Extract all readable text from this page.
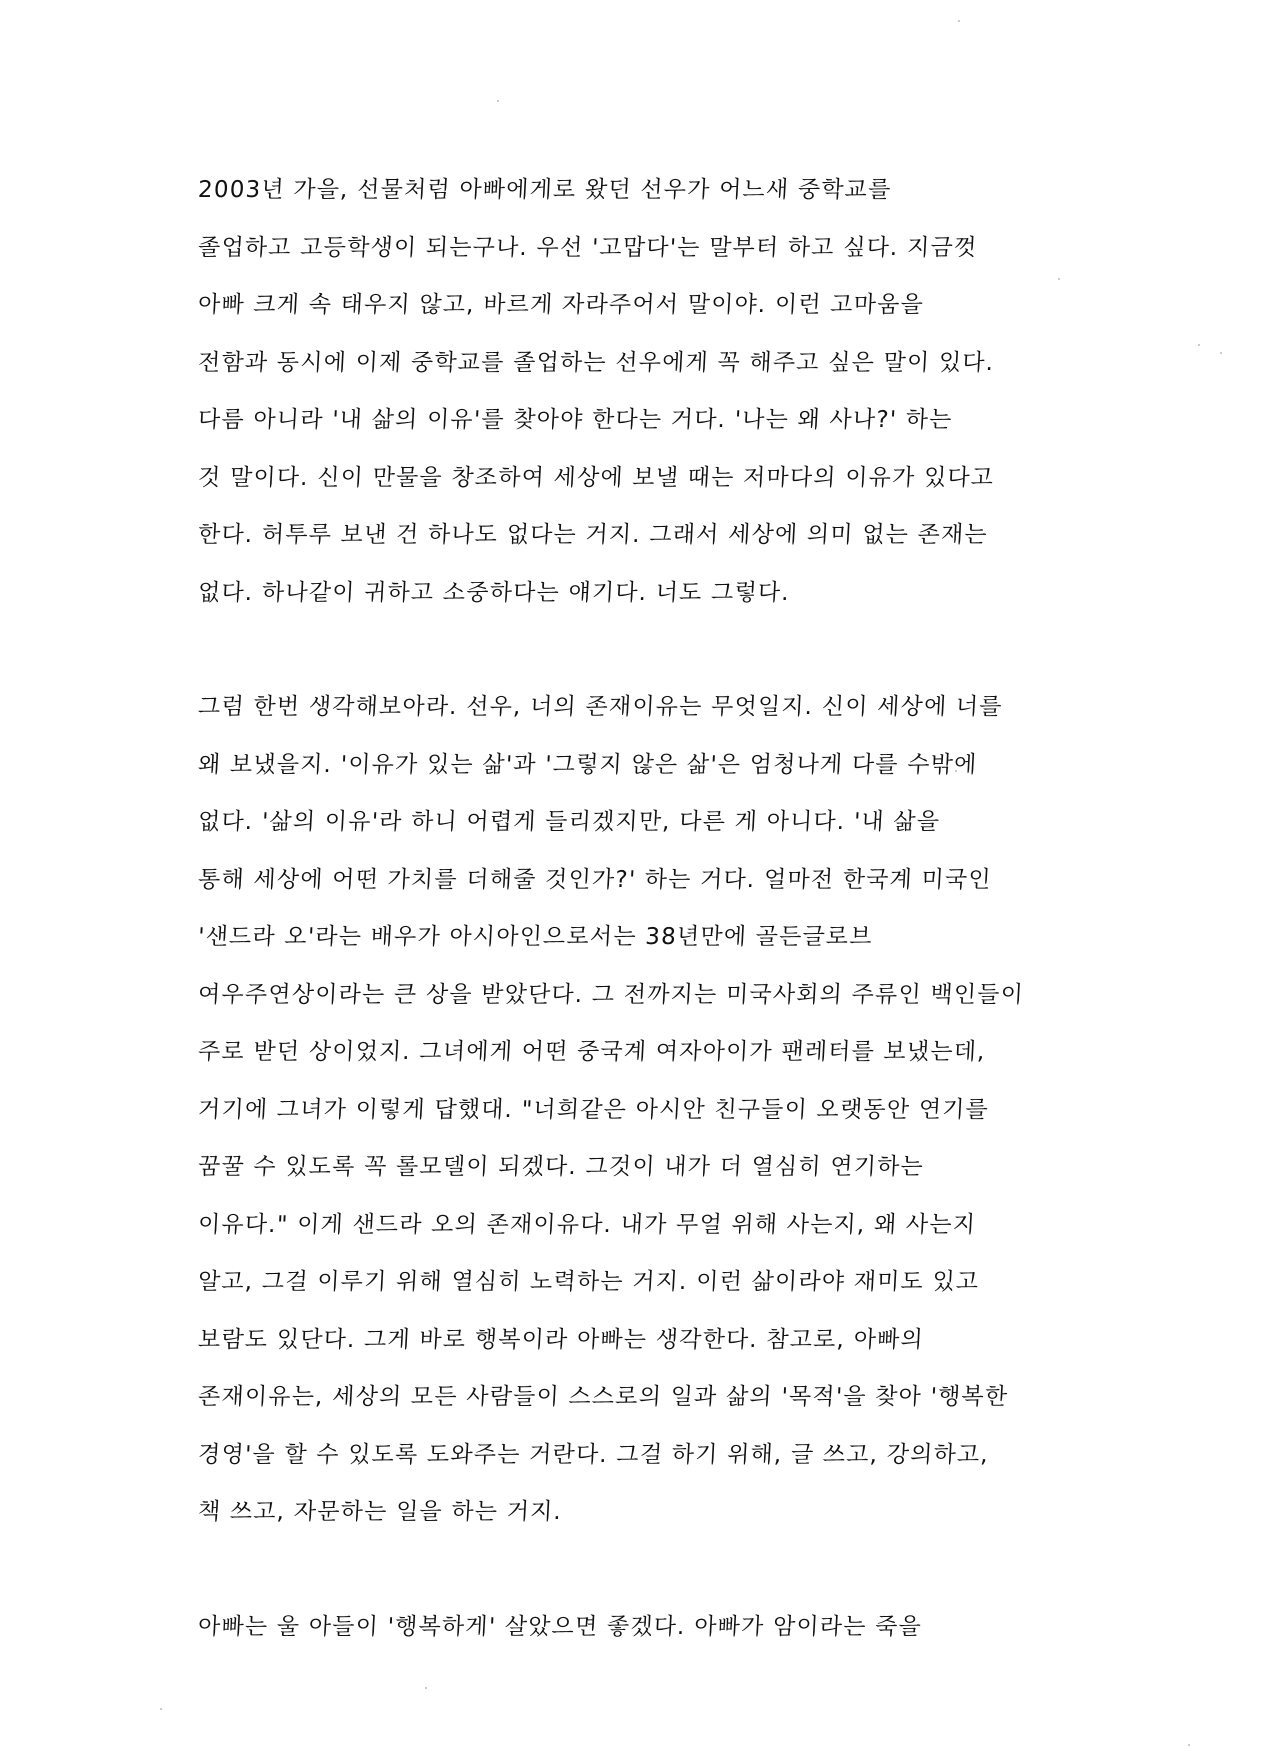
2003년 가을, 선물처럼 아빠에게로 왔던 선우가 어느새 중학교를
졸업하고 고등학생이 되는구나. 우선 '고맙다'는 말부터 하고 싶다. 지금껏
아빠 크게 속 태우지 않고, 바르게 자라주어서 말이야. 이런 고마움을
전함과 동시에 이제 중학교를 졸업하는 선우에게 꼭 해주고 싶은 말이 있다.
다름 아니라 '내 삶의 이유'를 찾아야 한다는 거다. '나는 왜 사나?' 하는
것 말이다. 신이 만물을 창조하여 세상에 보낼 때는 저마다의 이유가 있다고
한다. 허투루 보낸 건 하나도 없다는 거지. 그래서 세상에 의미 없는 존재는
없다. 하나같이 귀하고 소중하다는 얘기다. 너도 그렇다.
그럼 한번 생각해보아라. 선우, 너의 존재이유는 무엇일지. 신이 세상에 너를
왜 보냈을지. '이유가 있는 삶'과 '그렇지 않은 삶'은 엄청나게 다를 수밖에
없다. '삶의 이유'라 하니 어렵게 들리겠지만, 다른 게 아니다. '내 삶을
통해 세상에 어떤 가치를 더해줄 것인가?' 하는 거다. 얼마전 한국계 미국인
'샌드라 오'라는 배우가 아시아인으로서는 38년만에 골든글로브
여우주연상이라는 큰 상을 받았단다. 그 전까지는 미국사회의 주류인 백인들이
주로 받던 상이었지. 그녀에게 어떤 중국계 여자아이가 팬레터를 보냈는데,
거기에 그녀가 이렇게 답했대. "너희같은 아시안 친구들이 오랫동안 연기를
꿈꿀 수 있도록 꼭 롤모델이 되겠다. 그것이 내가 더 열심히 연기하는
이유다." 이게 샌드라 오의 존재이유다. 내가 무얼 위해 사는지, 왜 사는지
알고, 그걸 이루기 위해 열심히 노력하는 거지. 이런 삶이라야 재미도 있고
보람도 있단다. 그게 바로 행복이라 아빠는 생각한다. 참고로, 아빠의
존재이유는, 세상의 모든 사람들이 스스로의 일과 삶의 '목적'을 찾아 '행복한
경영'을 할 수 있도록 도와주는 거란다. 그걸 하기 위해, 글 쓰고, 강의하고,
책 쓰고, 자문하는 일을 하는 거지.
아빠는 울 아들이 '행복하게' 살았으면 좋겠다. 아빠가 암이라는 죽을
